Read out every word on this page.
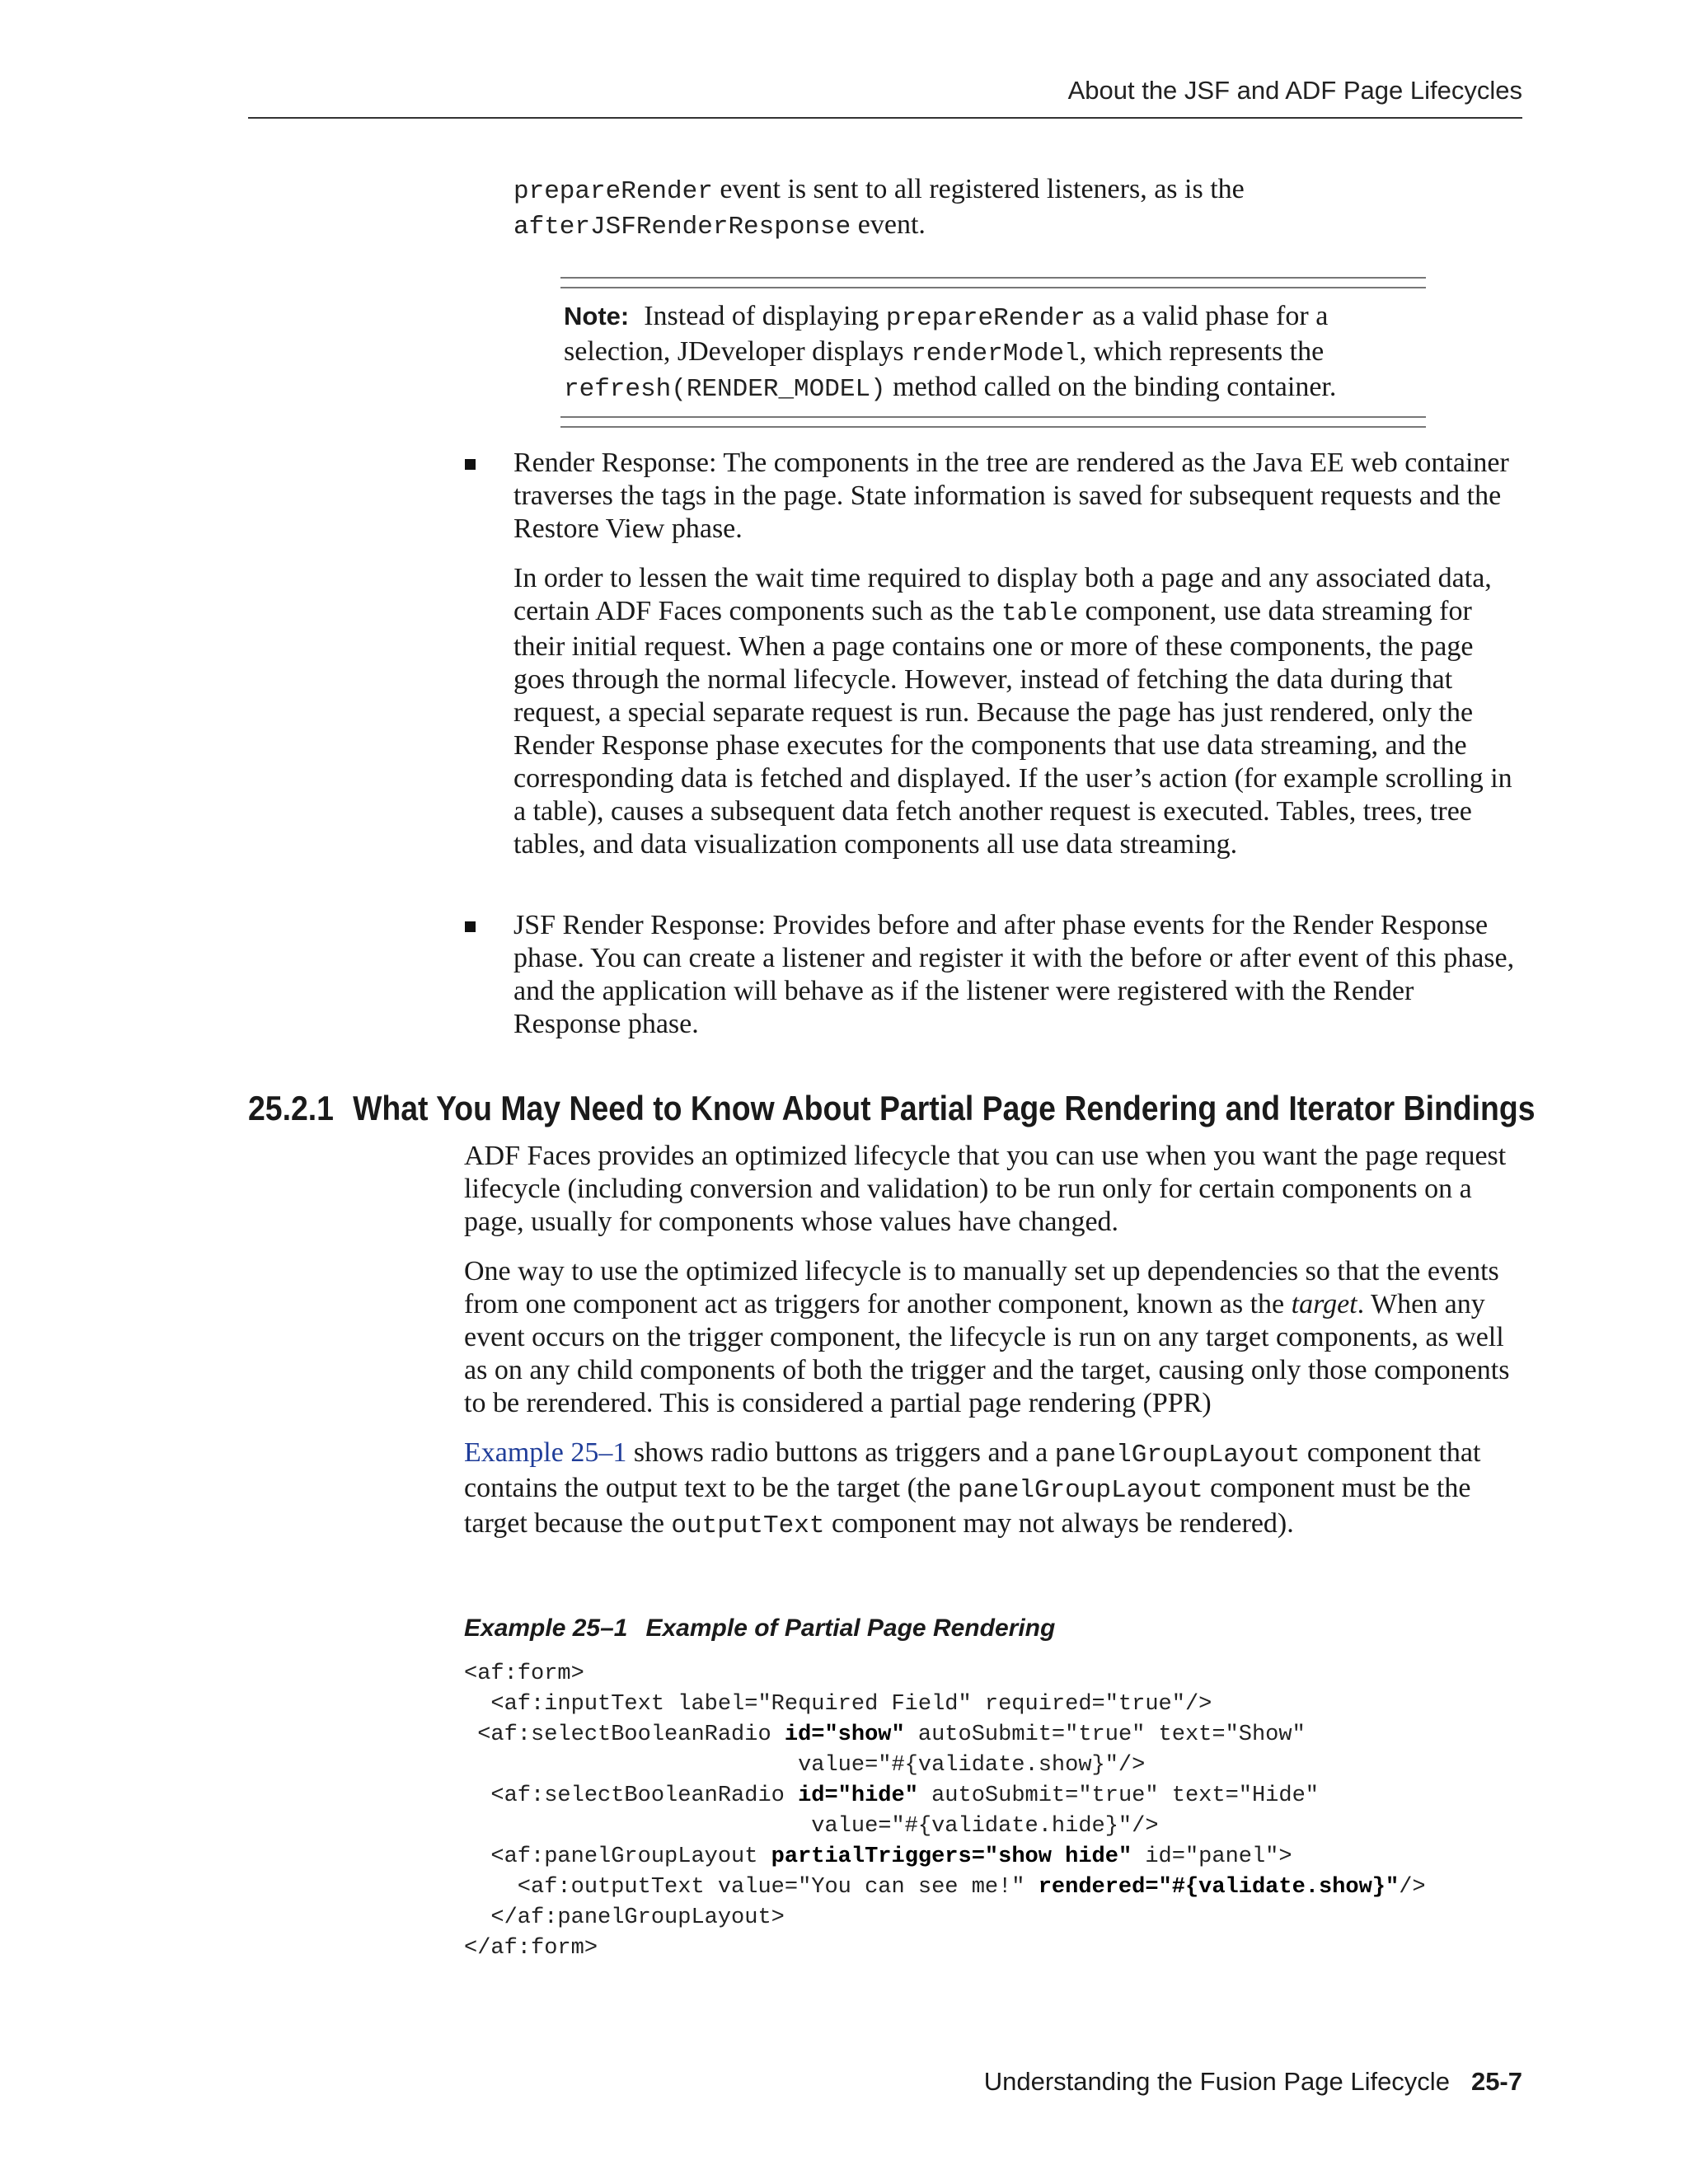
About the JSF and ADF Page Lifecycles
prepareRender event is sent to all registered listeners, as is the
afterJSFRenderResponse event.
Note: Instead of displaying prepareRender as a valid phase for a selection, JDeveloper displays renderModel, which represents the refresh(RENDER_MODEL) method called on the binding container.

Render Response: The components in the tree are rendered as the Java EE web container traverses the tags in the page. State information is saved for subsequent requests and the Restore View phase.

In order to lessen the wait time required to display both a page and any associated data, certain ADF Faces components such as the table component, use data streaming for their initial request. When a page contains one or more of these components, the page goes through the normal lifecycle. However, instead of fetching the data during that request, a special separate request is run. Because the page has just rendered, only the Render Response phase executes for the components that use data streaming, and the corresponding data is fetched and displayed. If the user’s action (for example scrolling in a table), causes a subsequent data fetch another request is executed. Tables, trees, tree tables, and data visualization components all use data streaming.

JSF Render Response: Provides before and after phase events for the Render Response phase. You can create a listener and register it with the before or after event of this phase, and the application will behave as if the listener were registered with the Render Response phase.

25.2.1 What You May Need to Know About Partial Page Rendering and Iterator Bindings

ADF Faces provides an optimized lifecycle that you can use when you want the page request lifecycle (including conversion and validation) to be run only for certain components on a page, usually for components whose values have changed.

One way to use the optimized lifecycle is to manually set up dependencies so that the events from one component act as triggers for another component, known as the target. When any event occurs on the trigger component, the lifecycle is run on any target components, as well as on any child components of both the trigger and the target, causing only those components to be rerendered. This is considered a partial page rendering (PPR)

Example 25–1 shows radio buttons as triggers and a panelGroupLayout component that contains the output text to be the target (the panelGroupLayout component must be the target because the outputText component may not always be rendered).

Example 25–1 Example of Partial Page Rendering
<af:form>
<af:inputText label="Required Field" required="true"/>
<af:selectBooleanRadio id="show" autoSubmit="true" text="Show"
value="#{validate.show}"/>
<af:selectBooleanRadio id="hide" autoSubmit="true" text="Hide"
value="#{validate.hide}"/>
<af:panelGroupLayout partialTriggers="show hide" id="panel">
<af:outputText value="You can see me!" rendered="#{validate.show}"/>
</af:panelGroupLayout>
</af:form>
Understanding the Fusion Page Lifecycle 25-7
